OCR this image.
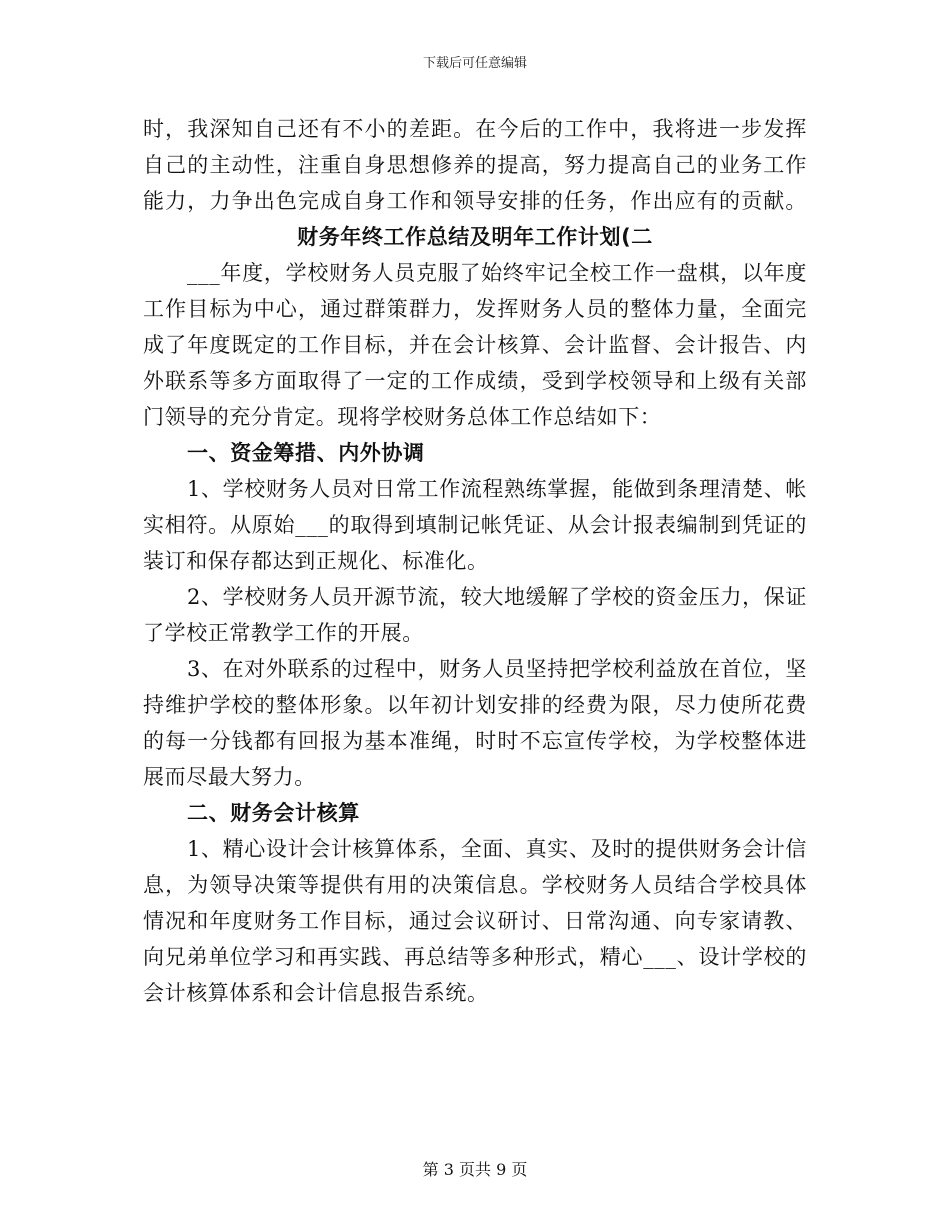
下载后可任意编辑
时，我深知自己还有不小的差距。在今后的工作中，我将进一步发挥
自己的主动性，注重自身思想修养的提高，努力提高自己的业务工作
能力，力争出色完成自身工作和领导安排的任务，作出应有的贡献。
财务年终工作总结及明年工作计划(二
___年度，学校财务人员克服了始终牢记全校工作一盘棋，以年度
工作目标为中心，通过群策群力，发挥财务人员的整体力量，全面完
成了年度既定的工作目标，并在会计核算、会计监督、会计报告、内
外联系等多方面取得了一定的工作成绩，受到学校领导和上级有关部
门领导的充分肯定。现将学校财务总体工作总结如下：
一、资金筹措、内外协调
1、学校财务人员对日常工作流程熟练掌握，能做到条理清楚、帐
实相符。从原始___的取得到填制记帐凭证、从会计报表编制到凭证的
装订和保存都达到正规化、标准化。
2、学校财务人员开源节流，较大地缓解了学校的资金压力，保证
了学校正常教学工作的开展。
3、在对外联系的过程中，财务人员坚持把学校利益放在首位，坚
持维护学校的整体形象。以年初计划安排的经费为限，尽力使所花费
的每一分钱都有回报为基本准绳，时时不忘宣传学校，为学校整体进
展而尽最大努力。
二、财务会计核算
1、精心设计会计核算体系，全面、真实、及时的提供财务会计信
息，为领导决策等提供有用的决策信息。学校财务人员结合学校具体
情况和年度财务工作目标，通过会议研讨、日常沟通、向专家请教、
向兄弟单位学习和再实践、再总结等多种形式，精心___、设计学校的
会计核算体系和会计信息报告系统。
第 3 页共 9 页
